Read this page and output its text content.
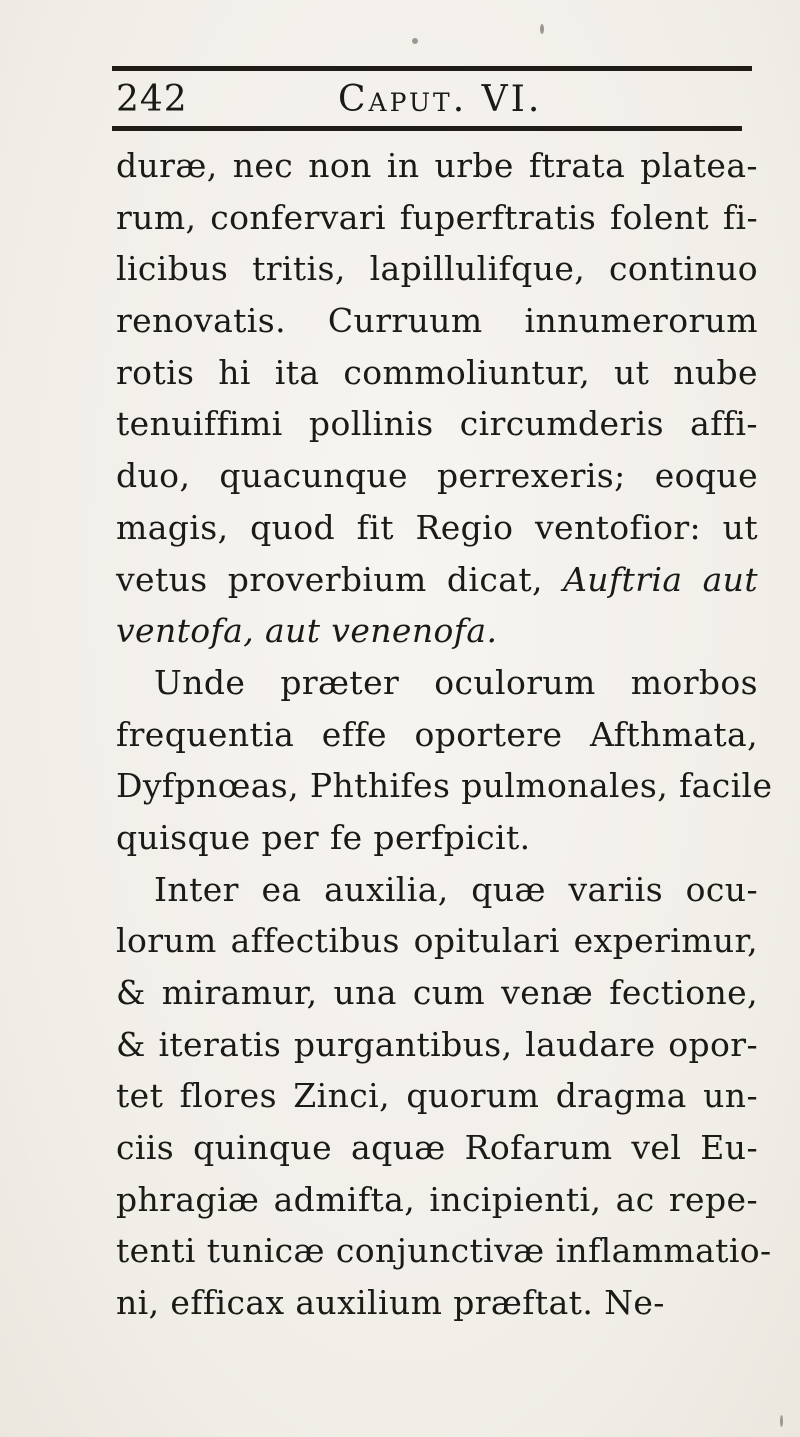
242	Caput. VI.
duræ, nec non in urbe ftrata platea-
rum, confervari fuperftratis folent fi-
licibus tritis, lapillulifque, continuo
renovatis. Curruum innumerorum
rotis hi ita commoliuntur, ut nube
tenuiffimi pollinis circumderis affi-
duo, quacunque perrexeris; eoque
magis, quod fit Regio ventofior: ut
vetus proverbium dicat, Auftria aut
ventofa, aut venenofa.
Unde præter oculorum morbos
frequentia effe oportere Afthmata,
Dyfpnœas, Phthifes pulmonales, facile
quisque per fe perfpicit.
Inter ea auxilia, quæ variis ocu-
lorum affectibus opitulari experimur,
& miramur, una cum venæ fectione,
& iteratis purgantibus, laudare opor-
tet flores Zinci, quorum dragma un-
ciis quinque aquæ Rofarum vel Eu-
phragiæ admifta, incipienti, ac repe-
tenti tunicæ conjunctivæ inflammatio-
ni, efficax auxilium præftat. Ne-
